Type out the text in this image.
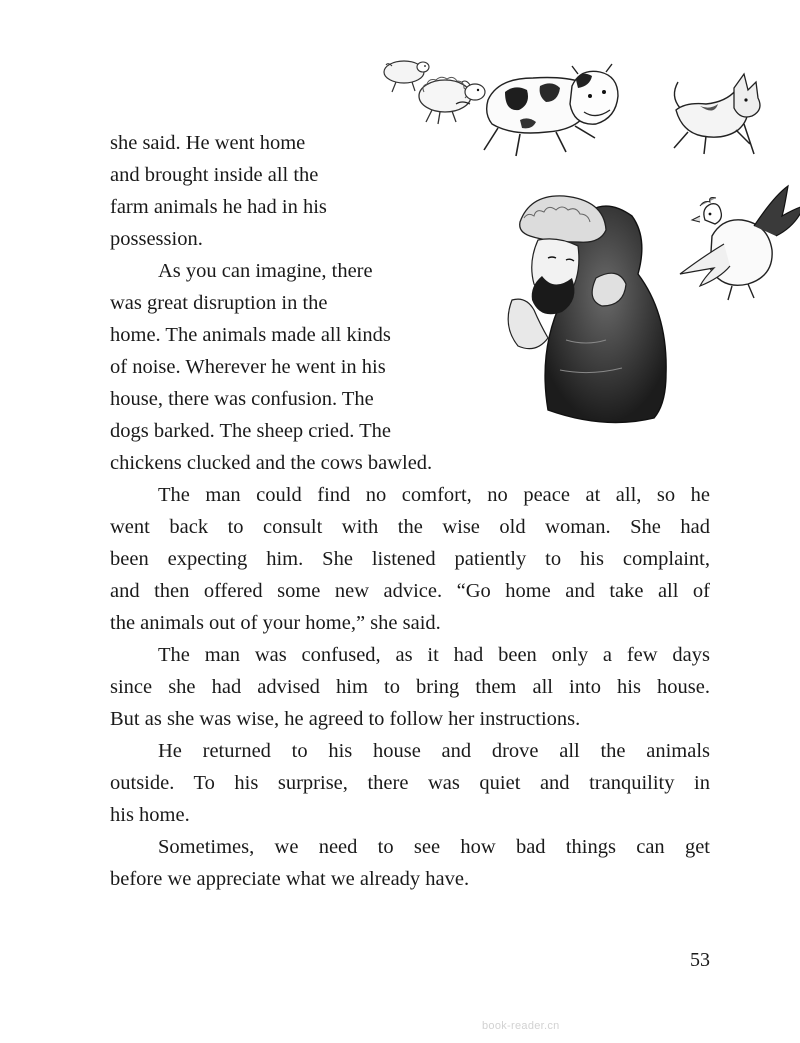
she said. He went home

and brought inside all the

farm animals he had in his

possession.

As you can imagine, there

was great disruption in the

home. The animals made all kinds

of noise. Wherever he went in his

house, there was confusion. The

dogs barked. The sheep cried. The

chickens clucked and the cows bawled.

The man could find no comfort, no peace at all, so he

went back to consult with the wise old woman. She had

been expecting him. She listened patiently to his complaint,

and then offered some new advice. “Go home and take all of

the animals out of your home,” she said.

The man was confused, as it had been only a few days

since she had advised him to bring them all into his house.

But as she was wise, he agreed to follow her instructions.

He returned to his house and drove all the animals

outside. To his surprise, there was quiet and tranquility in

his home.

Sometimes, we need to see how bad things can get

before we appreciate what we already have.

53
book-reader.cn
